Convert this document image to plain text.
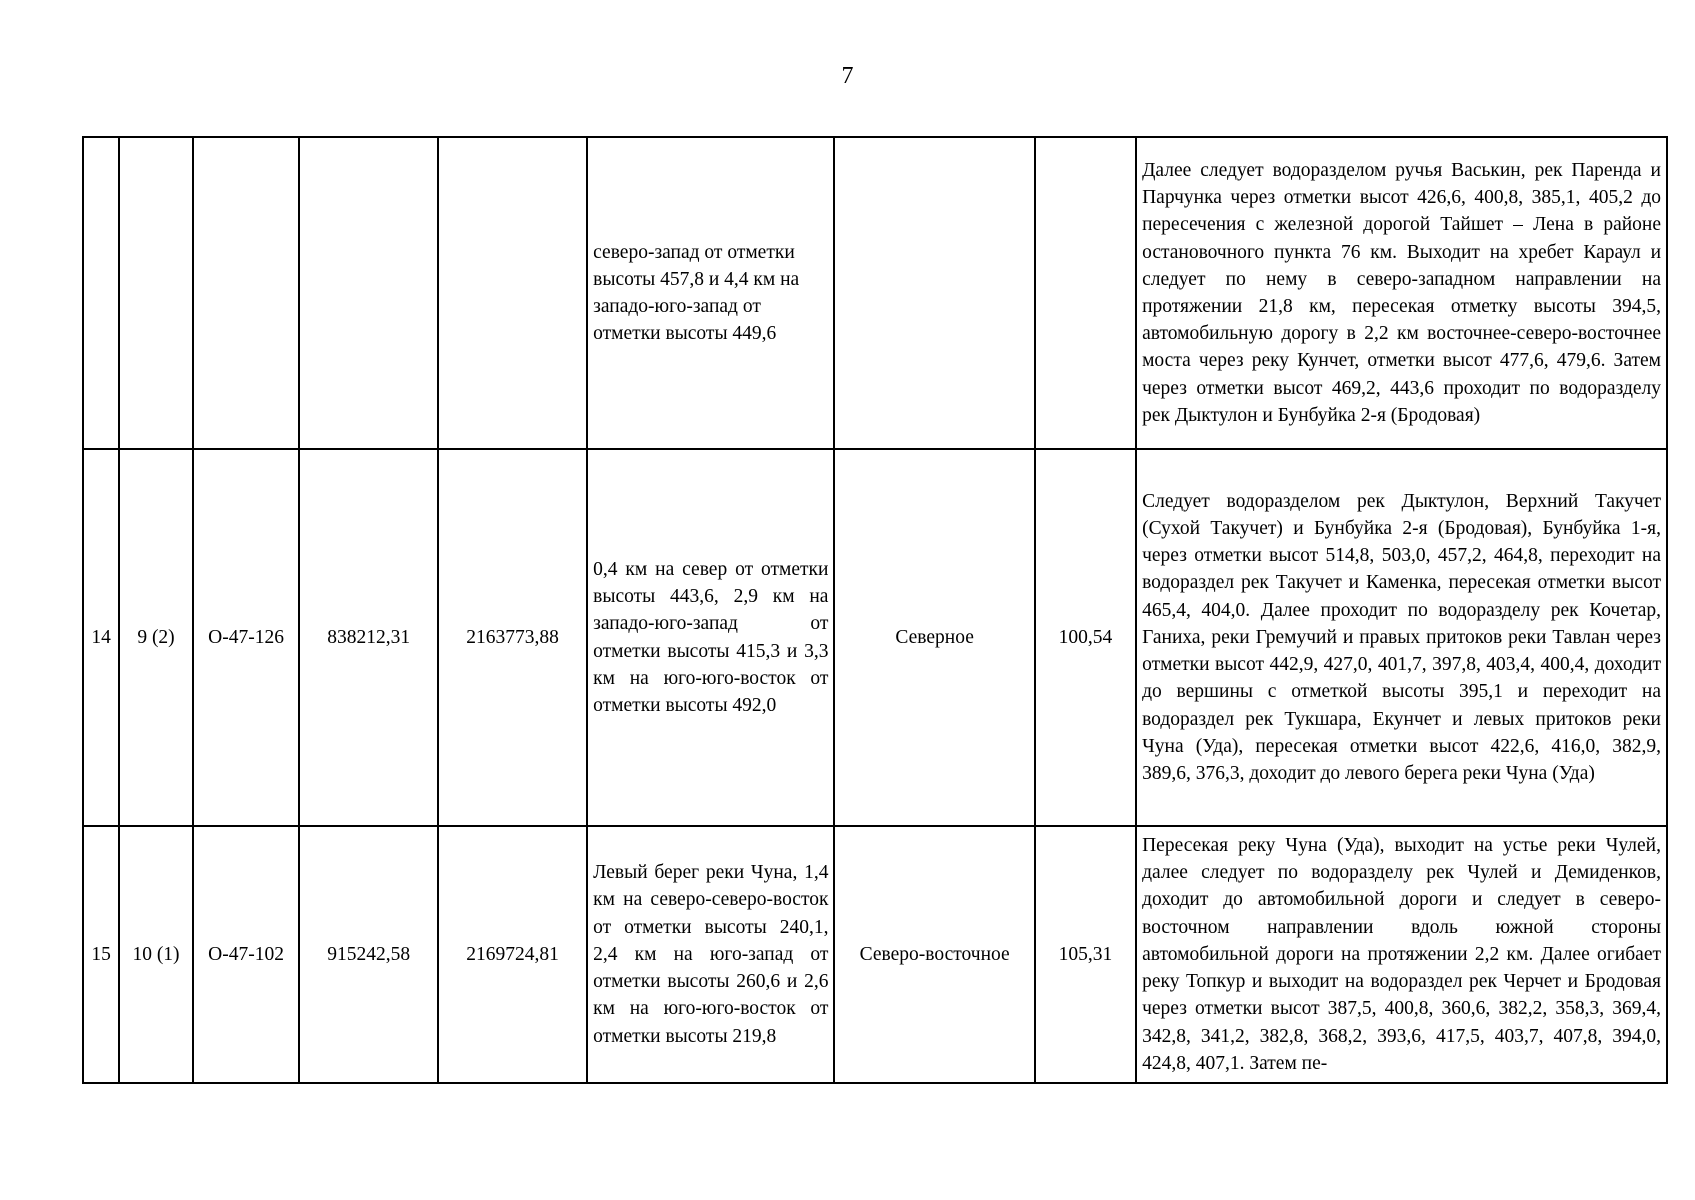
7
					северо-запад от отметки высоты 457,8 и 4,4 км на западо-юго-запад от отметки высоты 449,6			Далее следует водоразделом ручья Васькин, рек Паренда и Парчунка через отметки высот 426,6, 400,8, 385,1, 405,2 до пересечения с железной дорогой Тайшет – Лена в районе остановочного пункта 76 км. Выходит на хребет Караул и следует по нему в северо-западном направлении на протяжении 21,8 км, пересекая отметку высоты 394,5, автомобильную дорогу в 2,2 км восточнее-северо-восточнее моста через реку Кунчет, отметки высот 477,6, 479,6. Затем через отметки высот 469,2, 443,6 проходит по водоразделу рек Дыктулон и Бунбуйка 2-я (Бродовая)
14	9 (2)	О-47-126	838212,31	2163773,88	0,4 км на север от отметки высоты 443,6, 2,9 км на западо-юго-запад от отметки высоты 415,3 и 3,3 км на юго-юго-восток от отметки высоты 492,0	Северное	100,54	Следует водоразделом рек Дыктулон, Верхний Такучет (Сухой Такучет) и Бунбуйка 2-я (Бродовая), Бунбуйка 1-я, через отметки высот 514,8, 503,0, 457,2, 464,8, переходит на водораздел рек Такучет и Каменка, пересекая отметки высот 465,4, 404,0. Далее проходит по водоразделу рек Кочетар, Ганиха, реки Гремучий и правых притоков реки Тавлан через отметки высот 442,9, 427,0, 401,7, 397,8, 403,4, 400,4, доходит до вершины с отметкой высоты 395,1 и переходит на водораздел рек Тукшара, Екунчет и левых притоков реки Чуна (Уда), пересекая отметки высот 422,6, 416,0, 382,9, 389,6, 376,3, доходит до левого берега реки Чуна (Уда)
15	10 (1)	О-47-102	915242,58	2169724,81	Левый берег реки Чуна, 1,4 км на северо-северо-восток от отметки высоты 240,1, 2,4 км на юго-запад от отметки высоты 260,6 и 2,6 км на юго-юго-восток от отметки высоты 219,8	Северо-восточное	105,31	Пересекая реку Чуна (Уда), выходит на устье реки Чулей, далее следует по водоразделу рек Чулей и Демиденков, доходит до автомобильной дороги и следует в северо-восточном направлении вдоль южной стороны автомобильной дороги на протяжении 2,2 км. Далее огибает реку Топкур и выходит на водораздел рек Черчет и Бродовая через отметки высот 387,5, 400,8, 360,6, 382,2, 358,3, 369,4, 342,8, 341,2, 382,8, 368,2, 393,6, 417,5, 403,7, 407,8, 394,0, 424,8, 407,1. Затем пе-
